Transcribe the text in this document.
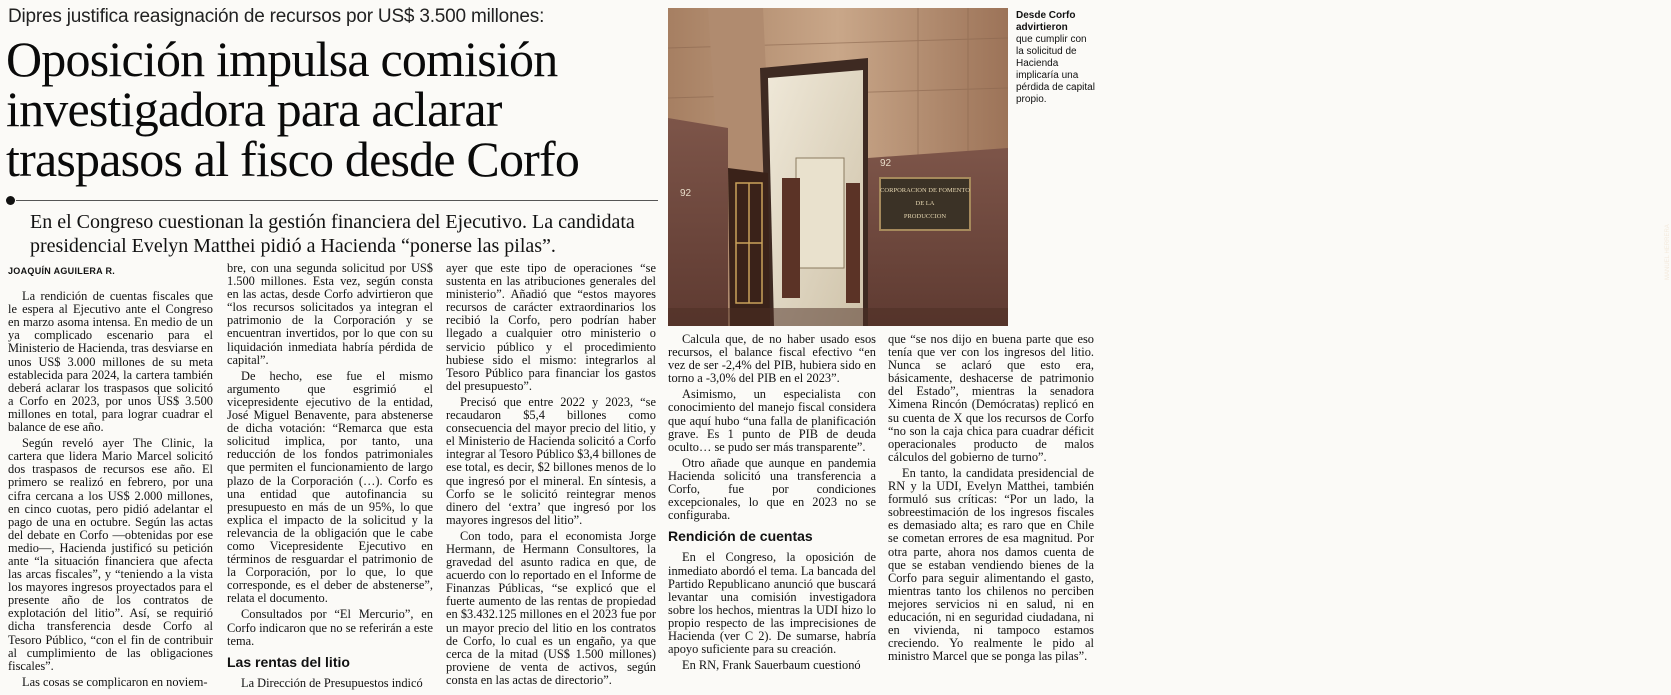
Dipres justifica reasignación de recursos por US$ 3.500 millones:
Oposición impulsa comisión investigadora para aclarar traspasos al fisco desde Corfo
En el Congreso cuestionan la gestión financiera del Ejecutivo. La candidata presidencial Evelyn Matthei pidió a Hacienda “ponerse las pilas”.
CORPORACION DE FOMENTO
DE LA
PRODUCCION
92
92
MANUEL HERRERA
Desde Corfo advirtieron
que cumplir con la solicitud de Hacienda implicaría una pérdida de capital propio.
JOAQUÍN AGUILERA R.

La rendición de cuentas fiscales que le espera al Ejecutivo ante el Congreso en marzo asoma intensa. En medio de un ya complicado escenario para el Ministerio de Hacienda, tras desviarse en unos US$ 3.000 millones de su meta establecida para 2024, la cartera también deberá aclarar los traspasos que solicitó a Corfo en 2023, por unos US$ 3.500 millones en total, para lograr cuadrar el balance de ese año.

Según reveló ayer The Clinic, la cartera que lidera Mario Marcel solicitó dos traspasos de recursos ese año. El primero se realizó en febrero, por una cifra cercana a los US$ 2.000 millones, en cinco cuotas, pero pidió adelantar el pago de una en octubre. Según las actas del debate en Corfo —obtenidas por ese medio—, Hacienda justificó su petición ante “la situación financiera que afecta las arcas fiscales”, y “teniendo a la vista los mayores ingresos proyectados para el presente año de los contratos de explotación del litio”. Así, se requirió dicha transferencia desde Corfo al Tesoro Público, “con el fin de contribuir al cumplimiento de las obligaciones fiscales”.

Las cosas se complicaron en noviem-

bre, con una segunda solicitud por US$ 1.500 millones. Esta vez, según consta en las actas, desde Corfo advirtieron que “los recursos solicitados ya integran el patrimonio de la Corporación y se encuentran invertidos, por lo que con su liquidación inmediata habría pérdida de capital”.

De hecho, ese fue el mismo argumento que esgrimió el vicepresidente ejecutivo de la entidad, José Miguel Benavente, para abstenerse de dicha votación: “Remarca que esta solicitud implica, por tanto, una reducción de los fondos patrimoniales que permiten el funcionamiento de largo plazo de la Corporación (…). Corfo es una entidad que autofinancia su presupuesto en más de un 95%, lo que explica el impacto de la solicitud y la relevancia de la obligación que le cabe como Vicepresidente Ejecutivo en términos de resguardar el patrimonio de la Corporación, por lo que, lo que corresponde, es el deber de abstenerse”, relata el documento.

Consultados por “El Mercurio”, en Corfo indicaron que no se referirán a este tema.

Las rentas del litio

La Dirección de Presupuestos indicó

ayer que este tipo de operaciones “se sustenta en las atribuciones generales del ministerio”. Añadió que “estos mayores recursos de carácter extraordinarios los recibió la Corfo, pero podrían haber llegado a cualquier otro ministerio o servicio público y el procedimiento hubiese sido el mismo: integrarlos al Tesoro Público para financiar los gastos del presupuesto”.

Precisó que entre 2022 y 2023, “se recaudaron $5,4 billones como consecuencia del mayor precio del litio, y el Ministerio de Hacienda solicitó a Corfo integrar al Tesoro Público $3,4 billones de ese total, es decir, $2 billones menos de lo que ingresó por el mineral. En síntesis, a Corfo se le solicitó reintegrar menos dinero del ‘extra’ que ingresó por los mayores ingresos del litio”.

Con todo, para el economista Jorge Hermann, de Hermann Consultores, la gravedad del asunto radica en que, de acuerdo con lo reportado en el Informe de Finanzas Públicas, “se explicó que el fuerte aumento de las rentas de propiedad en $3.432.125 millones en el 2023 fue por un mayor precio del litio en los contratos de Corfo, lo cual es un engaño, ya que cerca de la mitad (US$ 1.500 millones) proviene de venta de activos, según consta en las actas de directorio”.

Calcula que, de no haber usado esos recursos, el balance fiscal efectivo “en vez de ser -2,4% del PIB, hubiera sido en torno a -3,0% del PIB en el 2023”.

Asimismo, un especialista con conocimiento del manejo fiscal considera que aquí hubo “una falla de planificación grave. Es 1 punto de PIB de deuda oculto… se pudo ser más transparente”.

Otro añade que aunque en pandemia Hacienda solicitó una transferencia a Corfo, fue por condiciones excepcionales, lo que en 2023 no se configuraba.

Rendición de cuentas

En el Congreso, la oposición de inmediato abordó el tema. La bancada del Partido Republicano anunció que buscará levantar una comisión investigadora sobre los hechos, mientras la UDI hizo lo propio respecto de las imprecisiones de Hacienda (ver C 2). De sumarse, habría apoyo suficiente para su creación.

En RN, Frank Sauerbaum cuestionó

que “se nos dijo en buena parte que eso tenía que ver con los ingresos del litio. Nunca se aclaró que esto era, básicamente, deshacerse de patrimonio del Estado”, mientras la senadora Ximena Rincón (Demócratas) replicó en su cuenta de X que los recursos de Corfo “no son la caja chica para cuadrar déficit operacionales producto de malos cálculos del gobierno de turno”.

En tanto, la candidata presidencial de RN y la UDI, Evelyn Matthei, también formuló sus críticas: “Por un lado, la sobreestimación de los ingresos fiscales es demasiado alta; es raro que en Chile se cometan errores de esa magnitud. Por otra parte, ahora nos damos cuenta de que se estaban vendiendo bienes de la Corfo para seguir alimentando el gasto, mientras tanto los chilenos no perciben mejores servicios ni en salud, ni en educación, ni en seguridad ciudadana, ni en vivienda, ni tampoco estamos creciendo. Yo realmente le pido al ministro Marcel que se ponga las pilas”.
